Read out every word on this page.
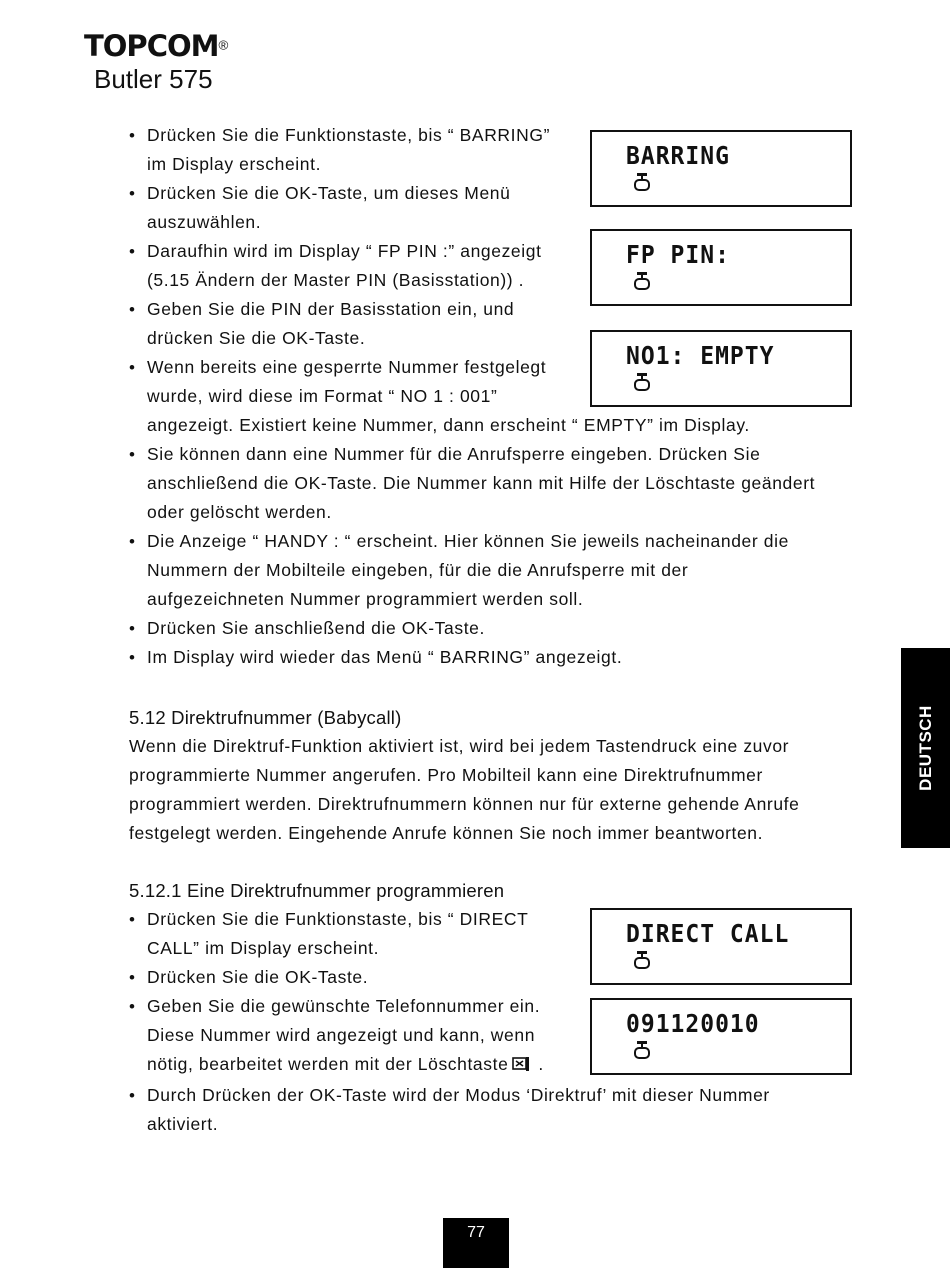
TOPCOM®
Butler 575
• Drücken Sie die Funktionstaste, bis “ BARRING”
im Display erscheint.
• Drücken Sie die OK-Taste, um dieses Menü
auszuwählen.
• Daraufhin wird im Display “ FP PIN :” angezeigt
(5.15 Ändern der Master PIN (Basisstation)) .
• Geben Sie die PIN der Basisstation ein, und
drücken Sie die OK-Taste.
• Wenn bereits eine gesperrte Nummer festgelegt
wurde, wird diese im Format “ NO 1 : 001”
angezeigt. Existiert keine Nummer, dann erscheint “ EMPTY” im Display.
• Sie können dann eine Nummer für die Anrufsperre eingeben. Drücken Sie
anschließend die OK-Taste. Die Nummer kann mit Hilfe der Löschtaste geändert
oder gelöscht werden.
• Die Anzeige “ HANDY : “ erscheint. Hier können Sie jeweils nacheinander die
Nummern der Mobilteile eingeben, für die die Anrufsperre mit der
aufgezeichneten Nummer programmiert werden soll.
• Drücken Sie anschließend die OK-Taste.
• Im Display wird wieder das Menü “ BARRING” angezeigt.
BARRING
FP PIN:
NO1: EMPTY
5.12 Direktrufnummer (Babycall)
Wenn die Direktruf-Funktion aktiviert ist, wird bei jedem Tastendruck eine zuvor
programmierte Nummer angerufen. Pro Mobilteil kann eine Direktrufnummer
programmiert werden. Direktrufnummern können nur für externe gehende Anrufe
festgelegt werden. Eingehende Anrufe können Sie noch immer beantworten.
5.12.1 Eine Direktrufnummer programmieren
• Drücken Sie die Funktionstaste, bis “ DIRECT
CALL” im Display erscheint.
• Drücken Sie die OK-Taste.
• Geben Sie die gewünschte Telefonnummer ein.
Diese Nummer wird angezeigt und kann, wenn
nötig, bearbeitet werden mit der Löschtaste .
• Durch Drücken der OK-Taste wird der Modus ‘Direktruf’ mit dieser Nummer
aktiviert.
DIRECT CALL
091120010
DEUTSCH
77
